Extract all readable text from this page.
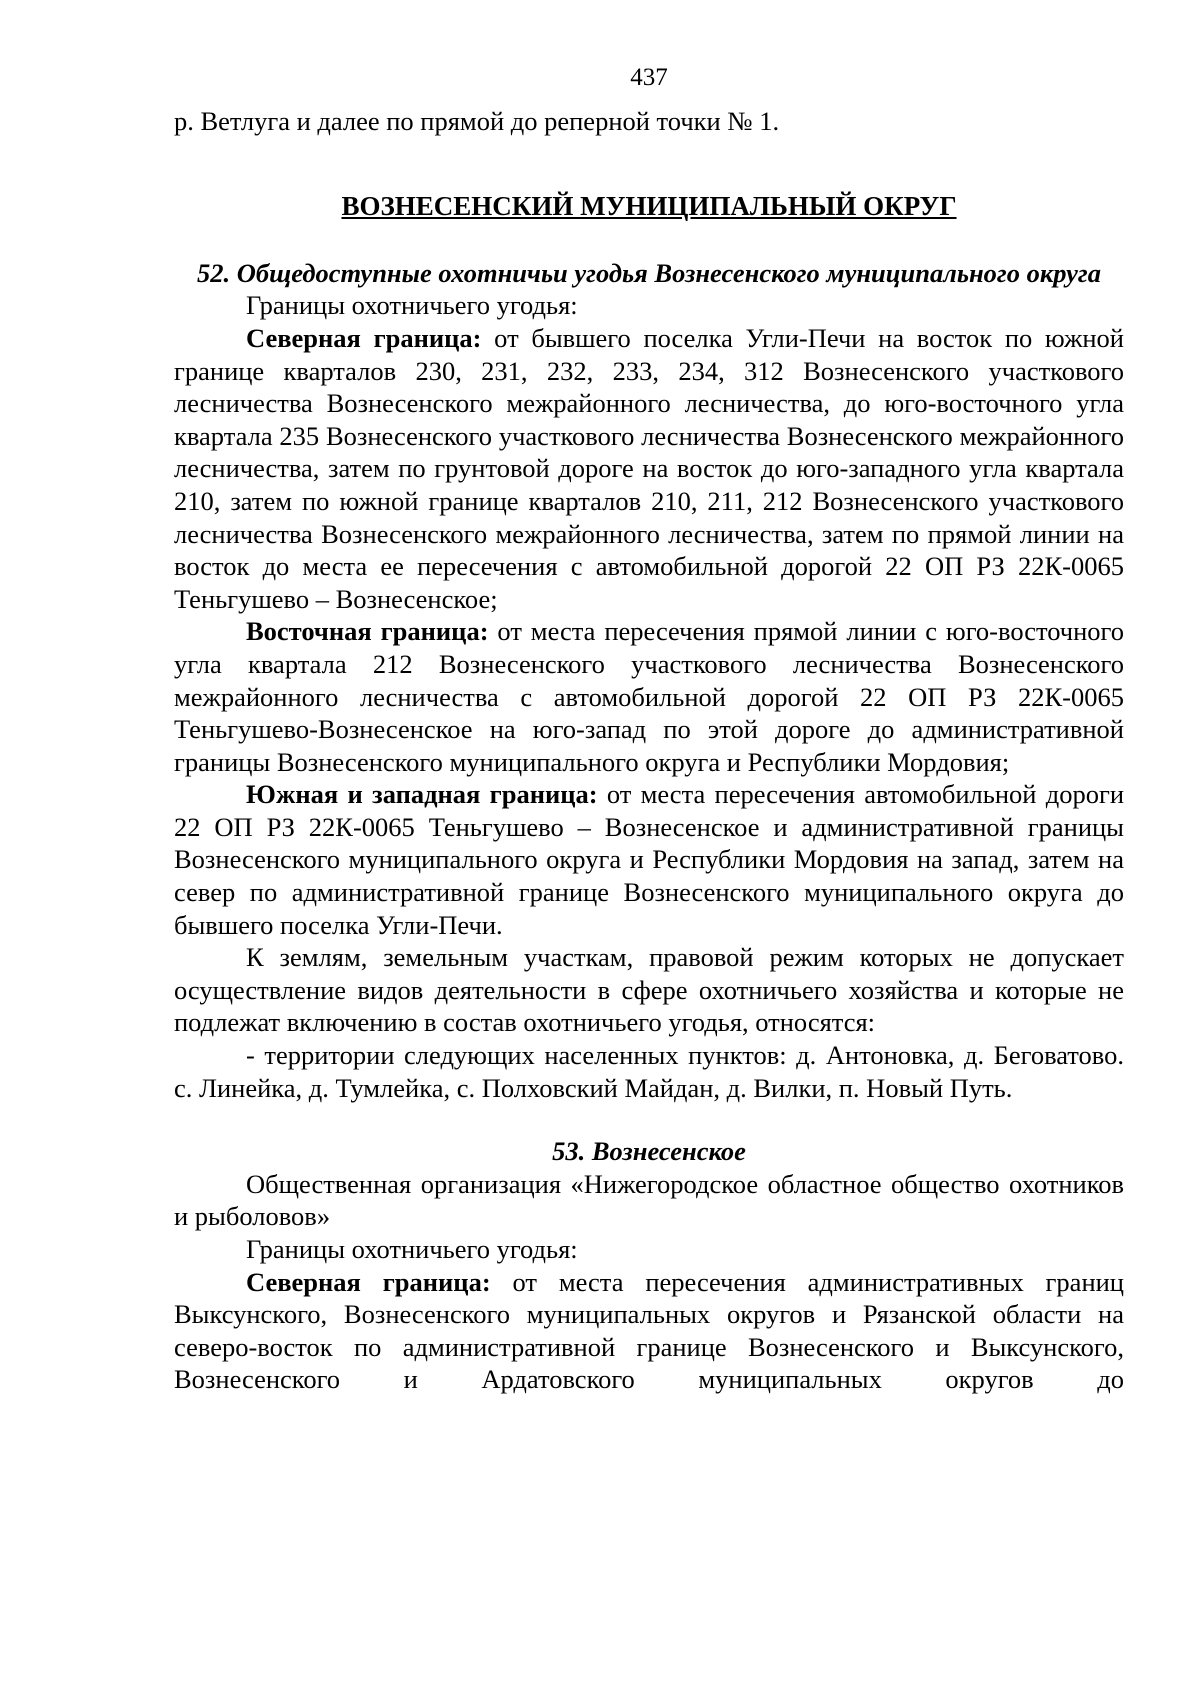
437

р. Ветлуга и далее по прямой до реперной точки № 1.

ВОЗНЕСЕНСКИЙ МУНИЦИПАЛЬНЫЙ ОКРУГ

52. Общедоступные охотничьи угодья Вознесенского муниципального округа

Границы охотничьего угодья:

Северная граница: от бывшего поселка Угли-Печи на восток по южной границе кварталов 230, 231, 232, 233, 234, 312 Вознесенского участкового лесничества Вознесенского межрайонного лесничества, до юго-восточного угла квартала 235 Вознесенского участкового лесничества Вознесенского межрайонного лесничества, затем по грунтовой дороге на восток до юго-западного угла квартала 210, затем по южной границе кварталов 210, 211, 212 Вознесенского участкового лесничества Вознесенского межрайонного лесничества, затем по прямой линии на восток до места ее пересечения с автомобильной дорогой 22 ОП РЗ 22К-0065 Теньгушево – Вознесенское;

Восточная граница: от места пересечения прямой линии с юго-восточного угла квартала 212 Вознесенского участкового лесничества Вознесенского межрайонного лесничества с автомобильной дорогой 22 ОП РЗ 22К-0065 Теньгушево-Вознесенское на юго-запад по этой дороге до административной границы Вознесенского муниципального округа и Республики Мордовия;

Южная и западная граница: от места пересечения автомобильной дороги 22 ОП РЗ 22К-0065 Теньгушево – Вознесенское и административной границы Вознесенского муниципального округа и Республики Мордовия на запад, затем на север по административной границе Вознесенского муниципального округа до бывшего поселка Угли-Печи.

К землям, земельным участкам, правовой режим которых не допускает осуществление видов деятельности в сфере охотничьего хозяйства и которые не подлежат включению в состав охотничьего угодья, относятся:

- территории следующих населенных пунктов: д. Антоновка, д. Беговатово. с. Линейка, д. Тумлейка, с. Полховский Майдан, д. Вилки, п. Новый Путь.

53. Вознесенское

Общественная организация «Нижегородское областное общество охотников и рыболовов»

Границы охотничьего угодья:

Северная граница: от места пересечения административных границ Выксунского, Вознесенского муниципальных округов и Рязанской области на северо-восток по административной границе Вознесенского и Выксунского, Вознесенского и Ардатовского муниципальных округов до
